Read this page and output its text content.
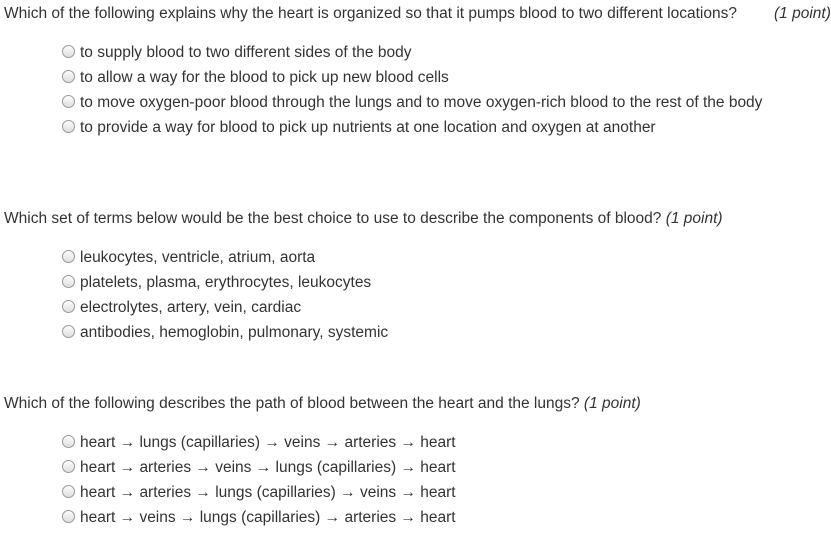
Which of the following explains why the heart is organized so that it pumps blood to two different locations?	(1 point)
to supply blood to two different sides of the body
to allow a way for the blood to pick up new blood cells
to move oxygen-poor blood through the lungs and to move oxygen-rich blood to the rest of the body
to provide a way for blood to pick up nutrients at one location and oxygen at another
Which set of terms below would be the best choice to use to describe the components of blood? (1 point)
leukocytes, ventricle, atrium, aorta
platelets, plasma, erythrocytes, leukocytes
electrolytes, artery, vein, cardiac
antibodies, hemoglobin, pulmonary, systemic
Which of the following describes the path of blood between the heart and the lungs? (1 point)
heart → lungs (capillaries) → veins → arteries → heart
heart → arteries → veins → lungs (capillaries) → heart
heart → arteries → lungs (capillaries) → veins → heart
heart → veins → lungs (capillaries) → arteries → heart
